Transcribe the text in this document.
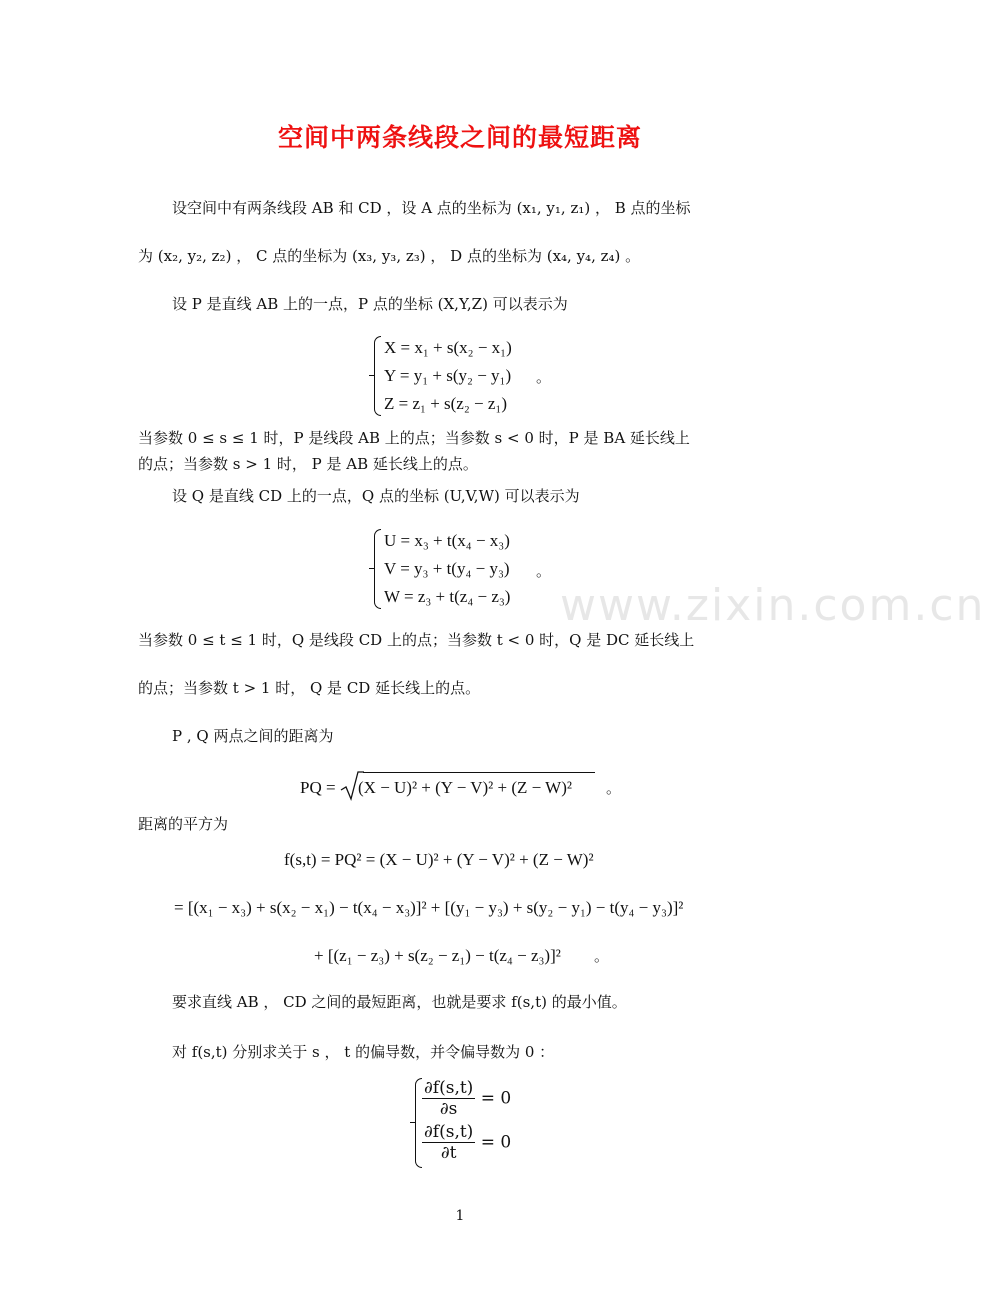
空间中两条线段之间的最短距离
www.zixin.com.cn
设空间中有两条线段 AB 和 CD ，设 A 点的坐标为 (x₁, y₁, z₁) ， B 点的坐标
为 (x₂, y₂, z₂) ， C 点的坐标为 (x₃, y₃, z₃) ， D 点的坐标为 (x₄, y₄, z₄) 。
设 P 是直线 AB 上的一点，P 点的坐标 (X,Y,Z) 可以表示为
X = x₁ + s(x₂ − x₁)
Y = y₁ + s(y₂ − y₁)
Z = z₁ + s(z₂ − z₁)
。
当参数 0 ≤ s ≤ 1 时，P 是线段 AB 上的点；当参数 s < 0 时，P 是 BA 延长线上
的点；当参数 s > 1 时， P 是 AB 延长线上的点。
设 Q 是直线 CD 上的一点，Q 点的坐标 (U,V,W) 可以表示为
U = x₃ + t(x₄ − x₃)
V = y₃ + t(y₄ − y₃)
W = z₃ + t(z₄ − z₃)
。
当参数 0 ≤ t ≤ 1 时，Q 是线段 CD 上的点；当参数 t < 0 时，Q 是 DC 延长线上
的点；当参数 t > 1 时， Q 是 CD 延长线上的点。
P , Q 两点之间的距离为
PQ = (X − U)² + (Y − V)² + (Z − W)² 。
距离的平方为
f(s,t) = PQ² = (X − U)² + (Y − V)² + (Z − W)²
= [(x₁ − x₃) + s(x₂ − x₁) − t(x₄ − x₃)]² + [(y₁ − y₃) + s(y₂ − y₁) − t(y₄ − y₃)]²
+ [(z₁ − z₃) + s(z₂ − z₁) − t(z₄ − z₃)]² 。
要求直线 AB ， CD 之间的最短距离，也就是要求 f(s,t) 的最小值。
对 f(s,t) 分别求关于 s ， t 的偏导数，并令偏导数为 0 ：
$\frac{\partial f(s,t)}{\partial s} = 0$
$\frac{\partial f(s,t)}{\partial t} = 0$
1
